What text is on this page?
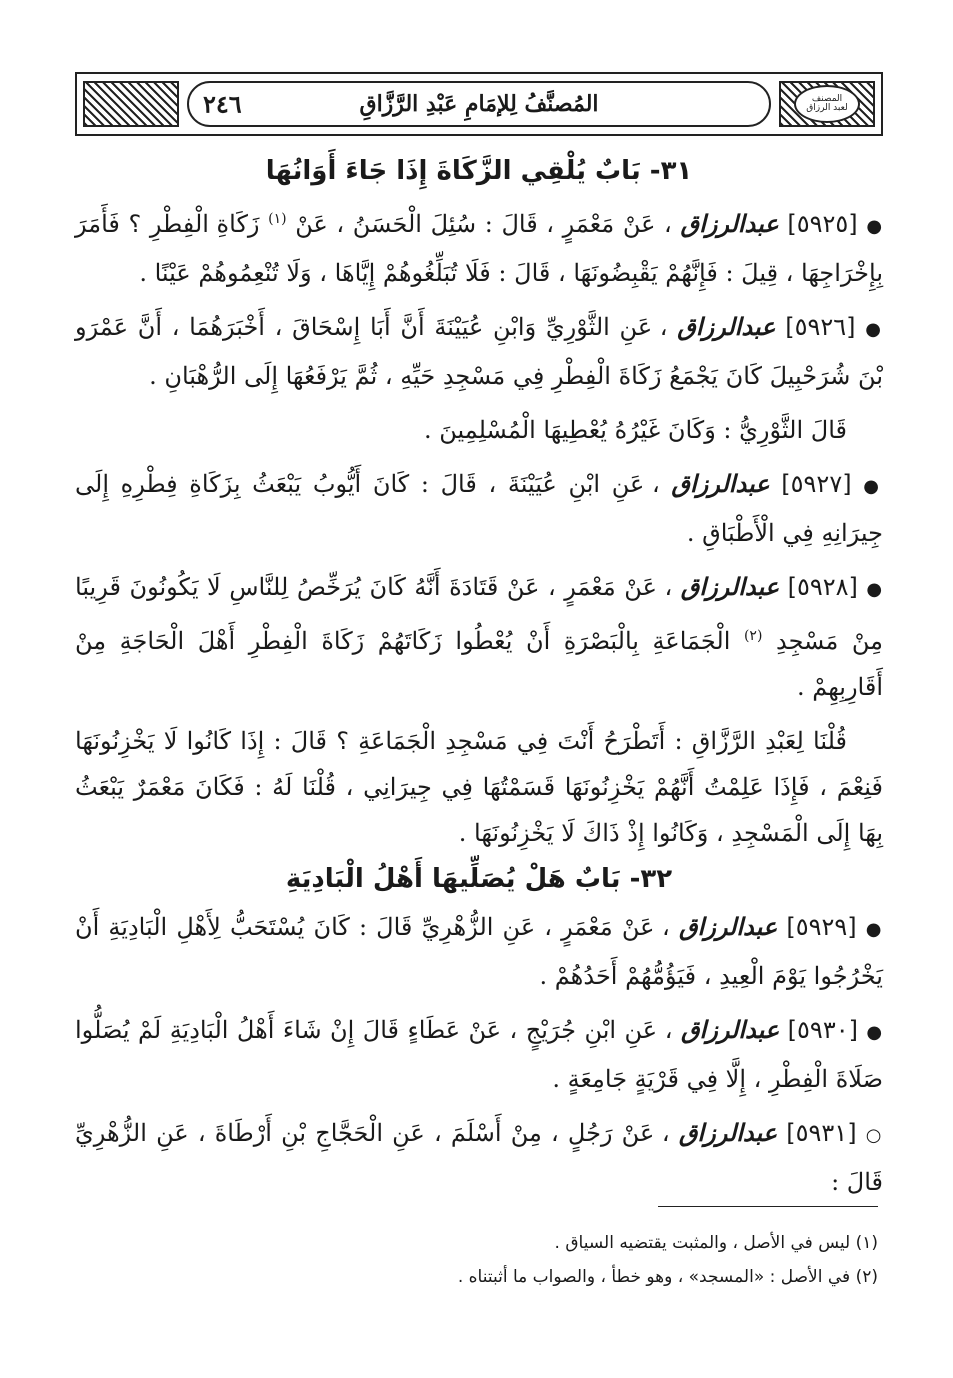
المصنف
لعبد الرزاق
المُصنَّفُ لِلإمَامِ عَبْدِ الرَّزَّاقِ
٢٤٦
٣١- بَابٌ يُلْقِي الزَّكَاةَ إِذَا جَاءَ أَوَانُهَا

● [٥٩٢٥] عبدالرزاق ، عَنْ مَعْمَرٍ ، قَالَ : سُئِلَ الْحَسَنُ ، عَنْ $^{(١)}$ زَكَاةِ الْفِطْرِ ؟ فَأَمَرَ بِإِخْرَاجِهَا ، قِيلَ : فَإِنَّهُمْ يَقْبِضُونَهَا ، قَالَ : فَلَا تُبَلِّغُوهُمْ إِيَّاهَا ، وَلَا تُنْعِمُوهُمْ عَيْنًا .

● [٥٩٢٦] عبدالرزاق ، عَنِ الثَّوْرِيِّ وَابْنِ عُيَيْنَةَ أَنَّ أَبَا إِسْحَاقَ ، أَخْبَرَهُمَا ، أَنَّ عَمْرَو بْنَ شُرَحْبِيلَ كَانَ يَجْمَعُ زَكَاةَ الْفِطْرِ فِي مَسْجِدِ حَيِّهِ ، ثُمَّ يَرْفَعُهَا إِلَى الرُّهْبَانِ .

قَالَ الثَّوْرِيُّ : وَكَانَ غَيْرُهُ يُعْطِيهَا الْمُسْلِمِينَ .

● [٥٩٢٧] عبدالرزاق ، عَنِ ابْنِ عُيَيْنَةَ ، قَالَ : كَانَ أَيُّوبُ يَبْعَثُ بِزَكَاةِ فِطْرِهِ إِلَى جِيرَانِهِ فِي الْأَطْبَاقِ .

● [٥٩٢٨] عبدالرزاق ، عَنْ مَعْمَرٍ ، عَنْ قَتَادَةَ أَنَّهُ كَانَ يُرَخِّصُ لِلنَّاسِ لَا يَكُونُونَ قَرِيبًا مِنْ مَسْجِدِ $^{(٢)}$ الْجَمَاعَةِ بِالْبَصْرَةِ أَنْ يُعْطُوا زَكَاتَهُمْ زَكَاةَ الْفِطْرِ أَهْلَ الْحَاجَةِ مِنْ أَقَارِبِهِمْ .

قُلْنَا لِعَبْدِ الرَّزَّاقِ : أَتَطْرَحُ أَنْتَ فِي مَسْجِدِ الْجَمَاعَةِ ؟ قَالَ : إِذَا كَانُوا لَا يَخْزِنُونَهَا فَنِعْمَ ، فَإِذَا عَلِمْتُ أَنَّهُمْ يَخْزِنُونَهَا قَسَمْتُهَا فِي جِيرَانِي ، قُلْنَا لَهُ : فَكَانَ مَعْمَرٌ يَبْعَثُ بِهَا إِلَى الْمَسْجِدِ ، وَكَانُوا إِذْ ذَاكَ لَا يَخْزِنُونَهَا .

٣٢- بَابٌ هَلْ يُصَلِّيهَا أَهْلُ الْبَادِيَةِ

● [٥٩٢٩] عبدالرزاق ، عَنْ مَعْمَرٍ ، عَنِ الزُّهْرِيِّ قَالَ : كَانَ يُسْتَحَبُّ لِأَهْلِ الْبَادِيَةِ أَنْ يَخْرُجُوا يَوْمَ الْعِيدِ ، فَيَؤُمُّهُمْ أَحَدُهُمْ .

● [٥٩٣٠] عبدالرزاق ، عَنِ ابْنِ جُرَيْجٍ ، عَنْ عَطَاءٍ قَالَ إِنْ شَاءَ أَهْلُ الْبَادِيَةِ لَمْ يُصَلُّوا صَلَاةَ الْفِطْرِ ، إِلَّا فِي قَرْيَةٍ جَامِعَةٍ .

○ [٥٩٣١] عبدالرزاق ، عَنْ رَجُلٍ ، مِنْ أَسْلَمَ ، عَنِ الْحَجَّاجِ بْنِ أَرْطَاةَ ، عَنِ الزُّهْرِيِّ قَالَ :

(١) ليس في الأصل ، والمثبت يقتضيه السياق .
(٢) في الأصل : «المسجد» ، وهو خطأ ، والصواب ما أثبتناه .
